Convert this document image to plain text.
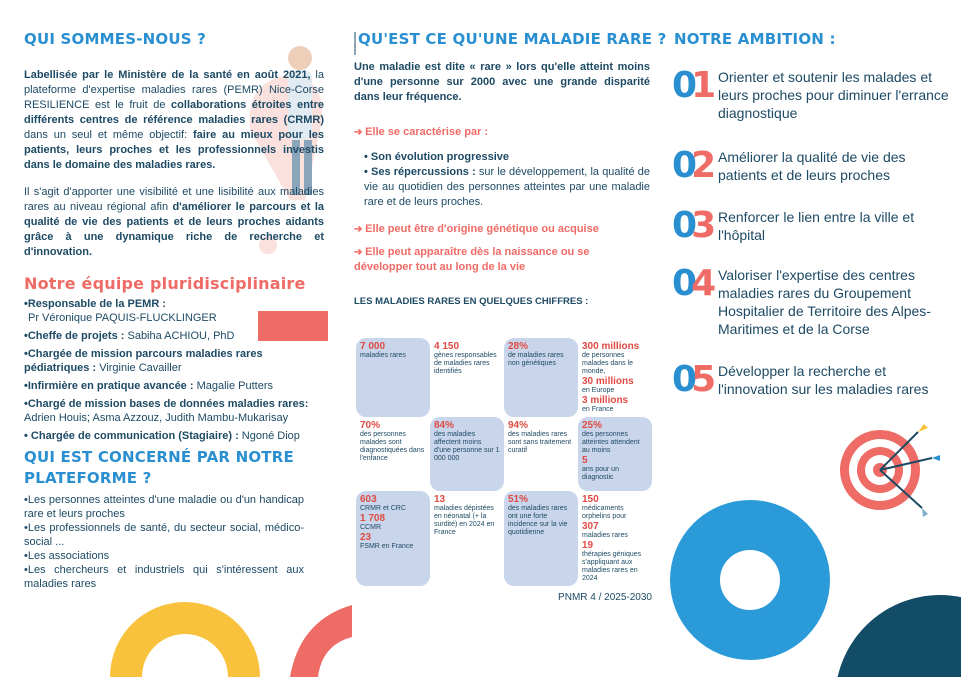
QUI SOMMES-NOUS ?

Labellisée par le Ministère de la santé en août 2021, la plateforme d'expertise maladies rares (PEMR) Nice-Corse RESILIENCE est le fruit de collaborations étroites entre différents centres de référence maladies rares (CRMR) dans un seul et même objectif: faire au mieux pour les patients, leurs proches et les professionnels investis dans le domaine des maladies rares.

Il s'agit d'apporter une visibilité et une lisibilité aux maladies rares au niveau régional afin d'améliorer le parcours et la qualité de vie des patients et de leurs proches aidants grâce à une dynamique riche de recherche et d'innovation.

Notre équipe pluridisciplinaire
•Responsable de la PEMR :
Pr Véronique PAQUIS-FLUCKLINGER
•Cheffe de projets : Sabiha ACHIOU, PhD
•Chargée de mission parcours maladies rares pédiatriques : Virginie Cavailler
•Infirmière en pratique avancée : Magalie Putters
•Chargé de mission bases de données maladies rares: Adrien Houis; Asma Azzouz, Judith Mambu-Mukarisay
• Chargée de communication (Stagiaire) : Ngoné Diop
QUI EST CONCERNÉ PAR NOTRE PLATEFORME ?
•Les personnes atteintes d'une maladie ou d'un handicap rare et leurs proches
•Les professionnels de santé, du secteur social, médico-social ...
•Les associations
•Les chercheurs et industriels qui s'intéressent aux maladies rares
QU'EST CE QU'UNE MALADIE RARE ?

Une maladie est dite « rare » lors qu'elle atteint moins d'une personne sur 2000 avec une grande disparité dans leur fréquence.

➔ Elle se caractérise par :
• Son évolution progressive
• Ses répercussions : sur le développement, la qualité de vie au quotidien des personnes atteintes par une maladie rare et de leurs proches.
➔ Elle peut être d'origine génétique ou acquise
➔ Elle peut apparaître dès la naissance ou se développer tout au long de la vie
LES MALADIES RARES EN QUELQUES CHIFFRES :
7 000
maladies rares
4 150
gènes responsables de maladies rares identifiés
28%
de maladies rares non génétiques
300 millions
de personnes malades dans le monde,
30 millions
en Europe
3 millions
en France
70%
des personnes malades sont diagnostiquées dans l'enfance
84%
des maladies affectent moins d'une personne sur 1 000 000
94%
des maladies rares sont sans traitement curatif
25%
des personnes atteintes attendent au moins
5
ans pour un diagnostic
603
CRMR et CRC
1 708
CCMR
23
FSMR en France
13
maladies dépistées en néonatal (+ la surdité) en 2024 en France
51%
des maladies rares ont une forte incidence sur la vie quotidienne
150
médicaments orphelins pour
307
maladies rares
19
thérapies géniques s'appliquant aux maladies rares en 2024
PNMR 4 / 2025-2030
NOTRE AMBITION :
01 Orienter et soutenir les malades et leurs proches pour diminuer l'errance diagnostique
02 Améliorer la qualité de vie des patients et de leurs proches
03 Renforcer le lien entre la ville et l'hôpital
04 Valoriser l'expertise des centres maladies rares du Groupement Hospitalier de Territoire des Alpes-Maritimes et de la Corse
05 Développer la recherche et l'innovation sur les maladies rares
